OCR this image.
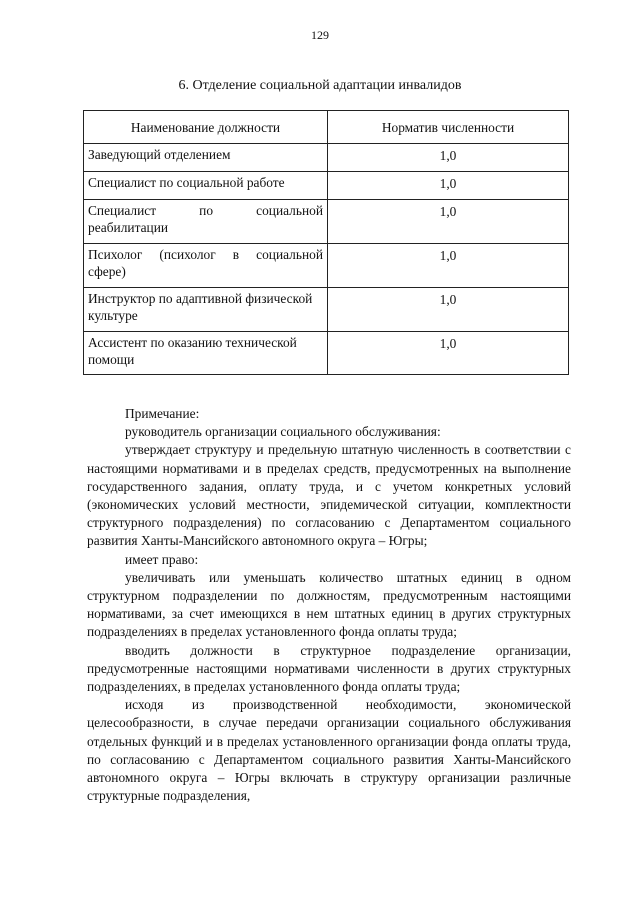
129
6. Отделение социальной адаптации инвалидов
Наименование должности	Норматив численности
Заведующий отделением	1,0
Специалист по социальной работе	1,0
Специалист по социальной реабилитации	1,0
Психолог (психолог в социальной сфере)	1,0
Инструктор по адаптивной физической культуре	1,0
Ассистент по оказанию технической помощи	1,0

Примечание:

руководитель организации социального обслуживания:

утверждает структуру и предельную штатную численность в соответствии с настоящими нормативами и в пределах средств, предусмотренных на выполнение государственного задания, оплату труда, и с учетом конкретных условий (экономических условий местности, эпидемической ситуации, комплектности структурного подразделения) по согласованию с Департаментом социального развития Ханты-Мансийского автономного округа – Югры;

имеет право:

увеличивать или уменьшать количество штатных единиц в одном структурном подразделении по должностям, предусмотренным настоящими нормативами, за счет имеющихся в нем штатных единиц в других структурных подразделениях в пределах установленного фонда оплаты труда;

вводить должности в структурное подразделение организации, предусмотренные настоящими нормативами численности в других структурных подразделениях, в пределах установленного фонда оплаты труда;

исходя из производственной необходимости, экономической целесообразности, в случае передачи организации социального обслуживания отдельных функций и в пределах установленного организации фонда оплаты труда, по согласованию с Департаментом социального развития Ханты-Мансийского автономного округа – Югры включать в структуру организации различные структурные подразделения,
